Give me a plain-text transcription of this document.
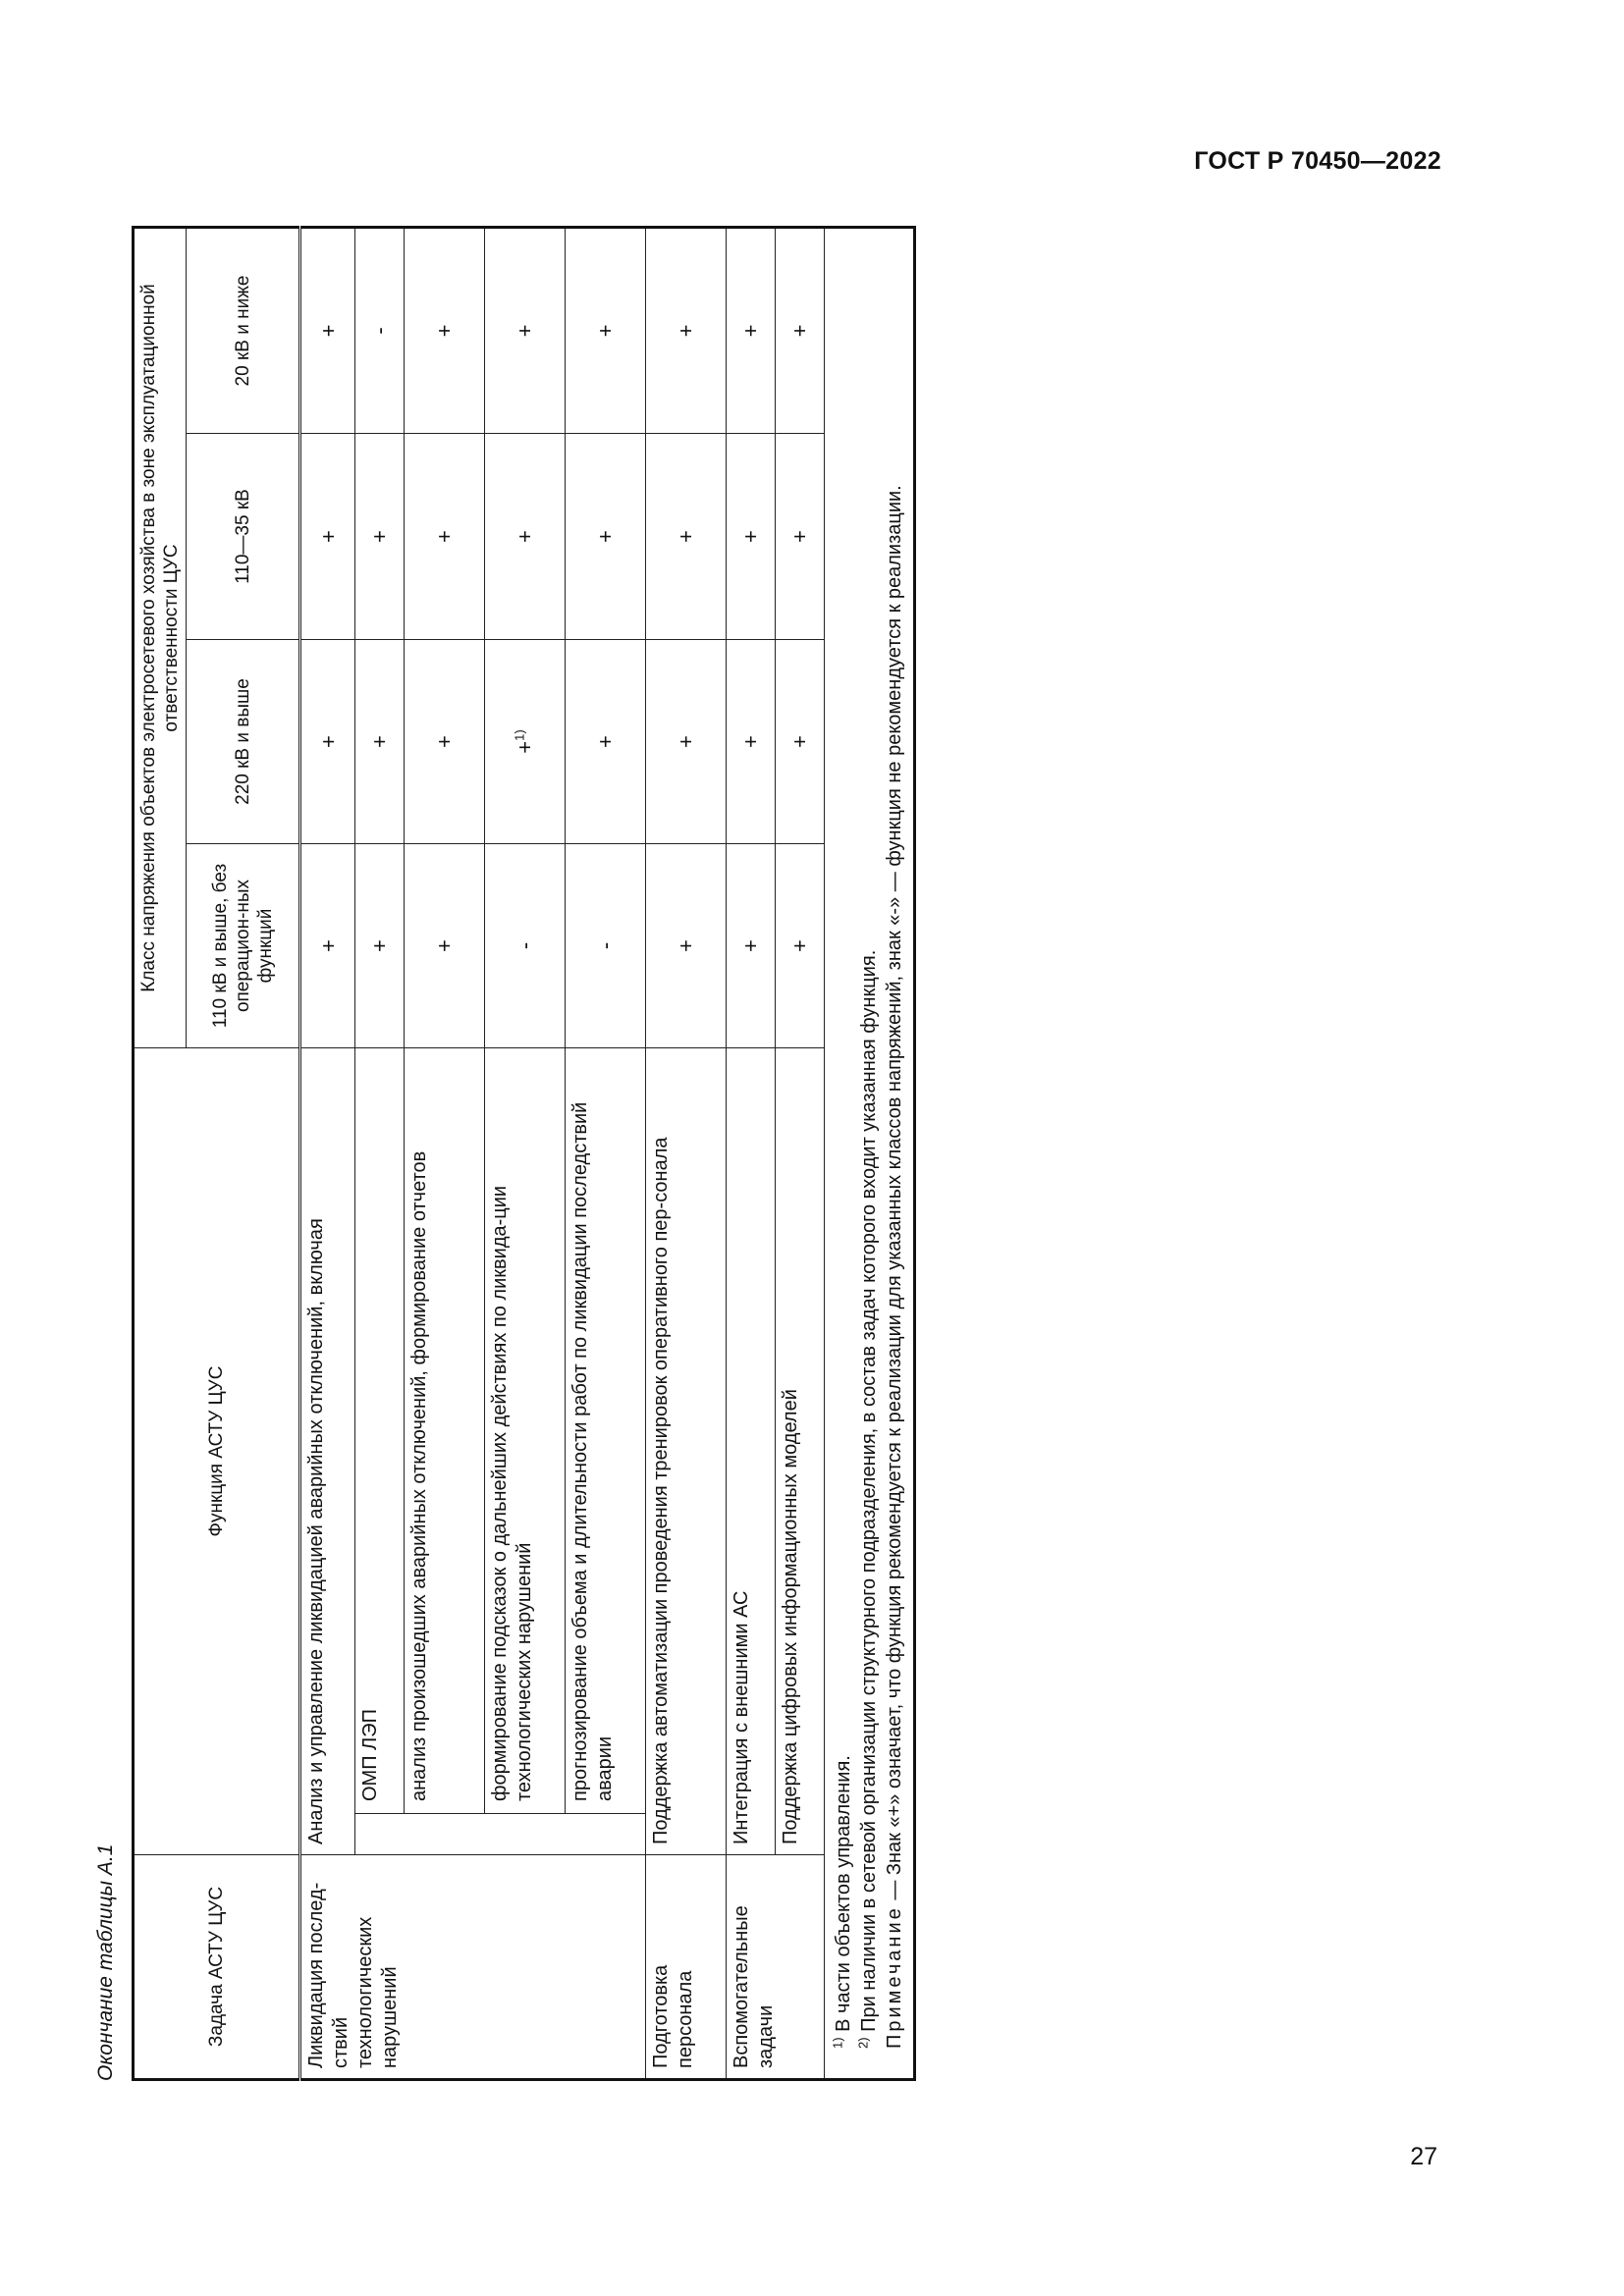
ГОСТ Р 70450—2022
Окончание таблицы А.1	Задача АСТУ ЦУС	Функция АСТУ ЦУС		Класс напряжения объектов электросетевого хозяйства в зоне эксплуатационной ответственности ЦУС			
			110 кВ и выше, без операцион-ных функций	220 кВ и выше	110—35 кВ	20 кВ и ниже
Ликвидация послед-ствий технологических нарушений	Анализ и управление ликвидацией аварийных отключений, включая		+	+	+	+
		ОМП ЛЭП	+	+	+	-
		анализ произошедших аварийных отключений, формирование отчетов	+	+	+	+
		формирование подсказок о дальнейших действиях по ликвида-ции технологических нарушений	-	+$^{1)}$	+	+
		прогнозирование объема и длительности работ по ликвидации последствий аварии	-	+	+	+
Подготовка персонала	Поддержка автоматизации проведения тренировок оперативного пер-сонала		+	+	+	+
Вспомогательные задачи	Интеграция с внешними АС		+	+	+	+
	Поддержка цифровых информационных моделей		+	+	+	+

$^{1)}$ В части объектов управления.
$^{2)}$ При наличии в сетевой организации структурного подразделения, в состав задач которого входит указанная функция. Примечание — Знак «+» означает, что функция рекомендуется к реализации для указанных классов напряжений, знак «-» — функция не рекомендуется к реализации.						
27
